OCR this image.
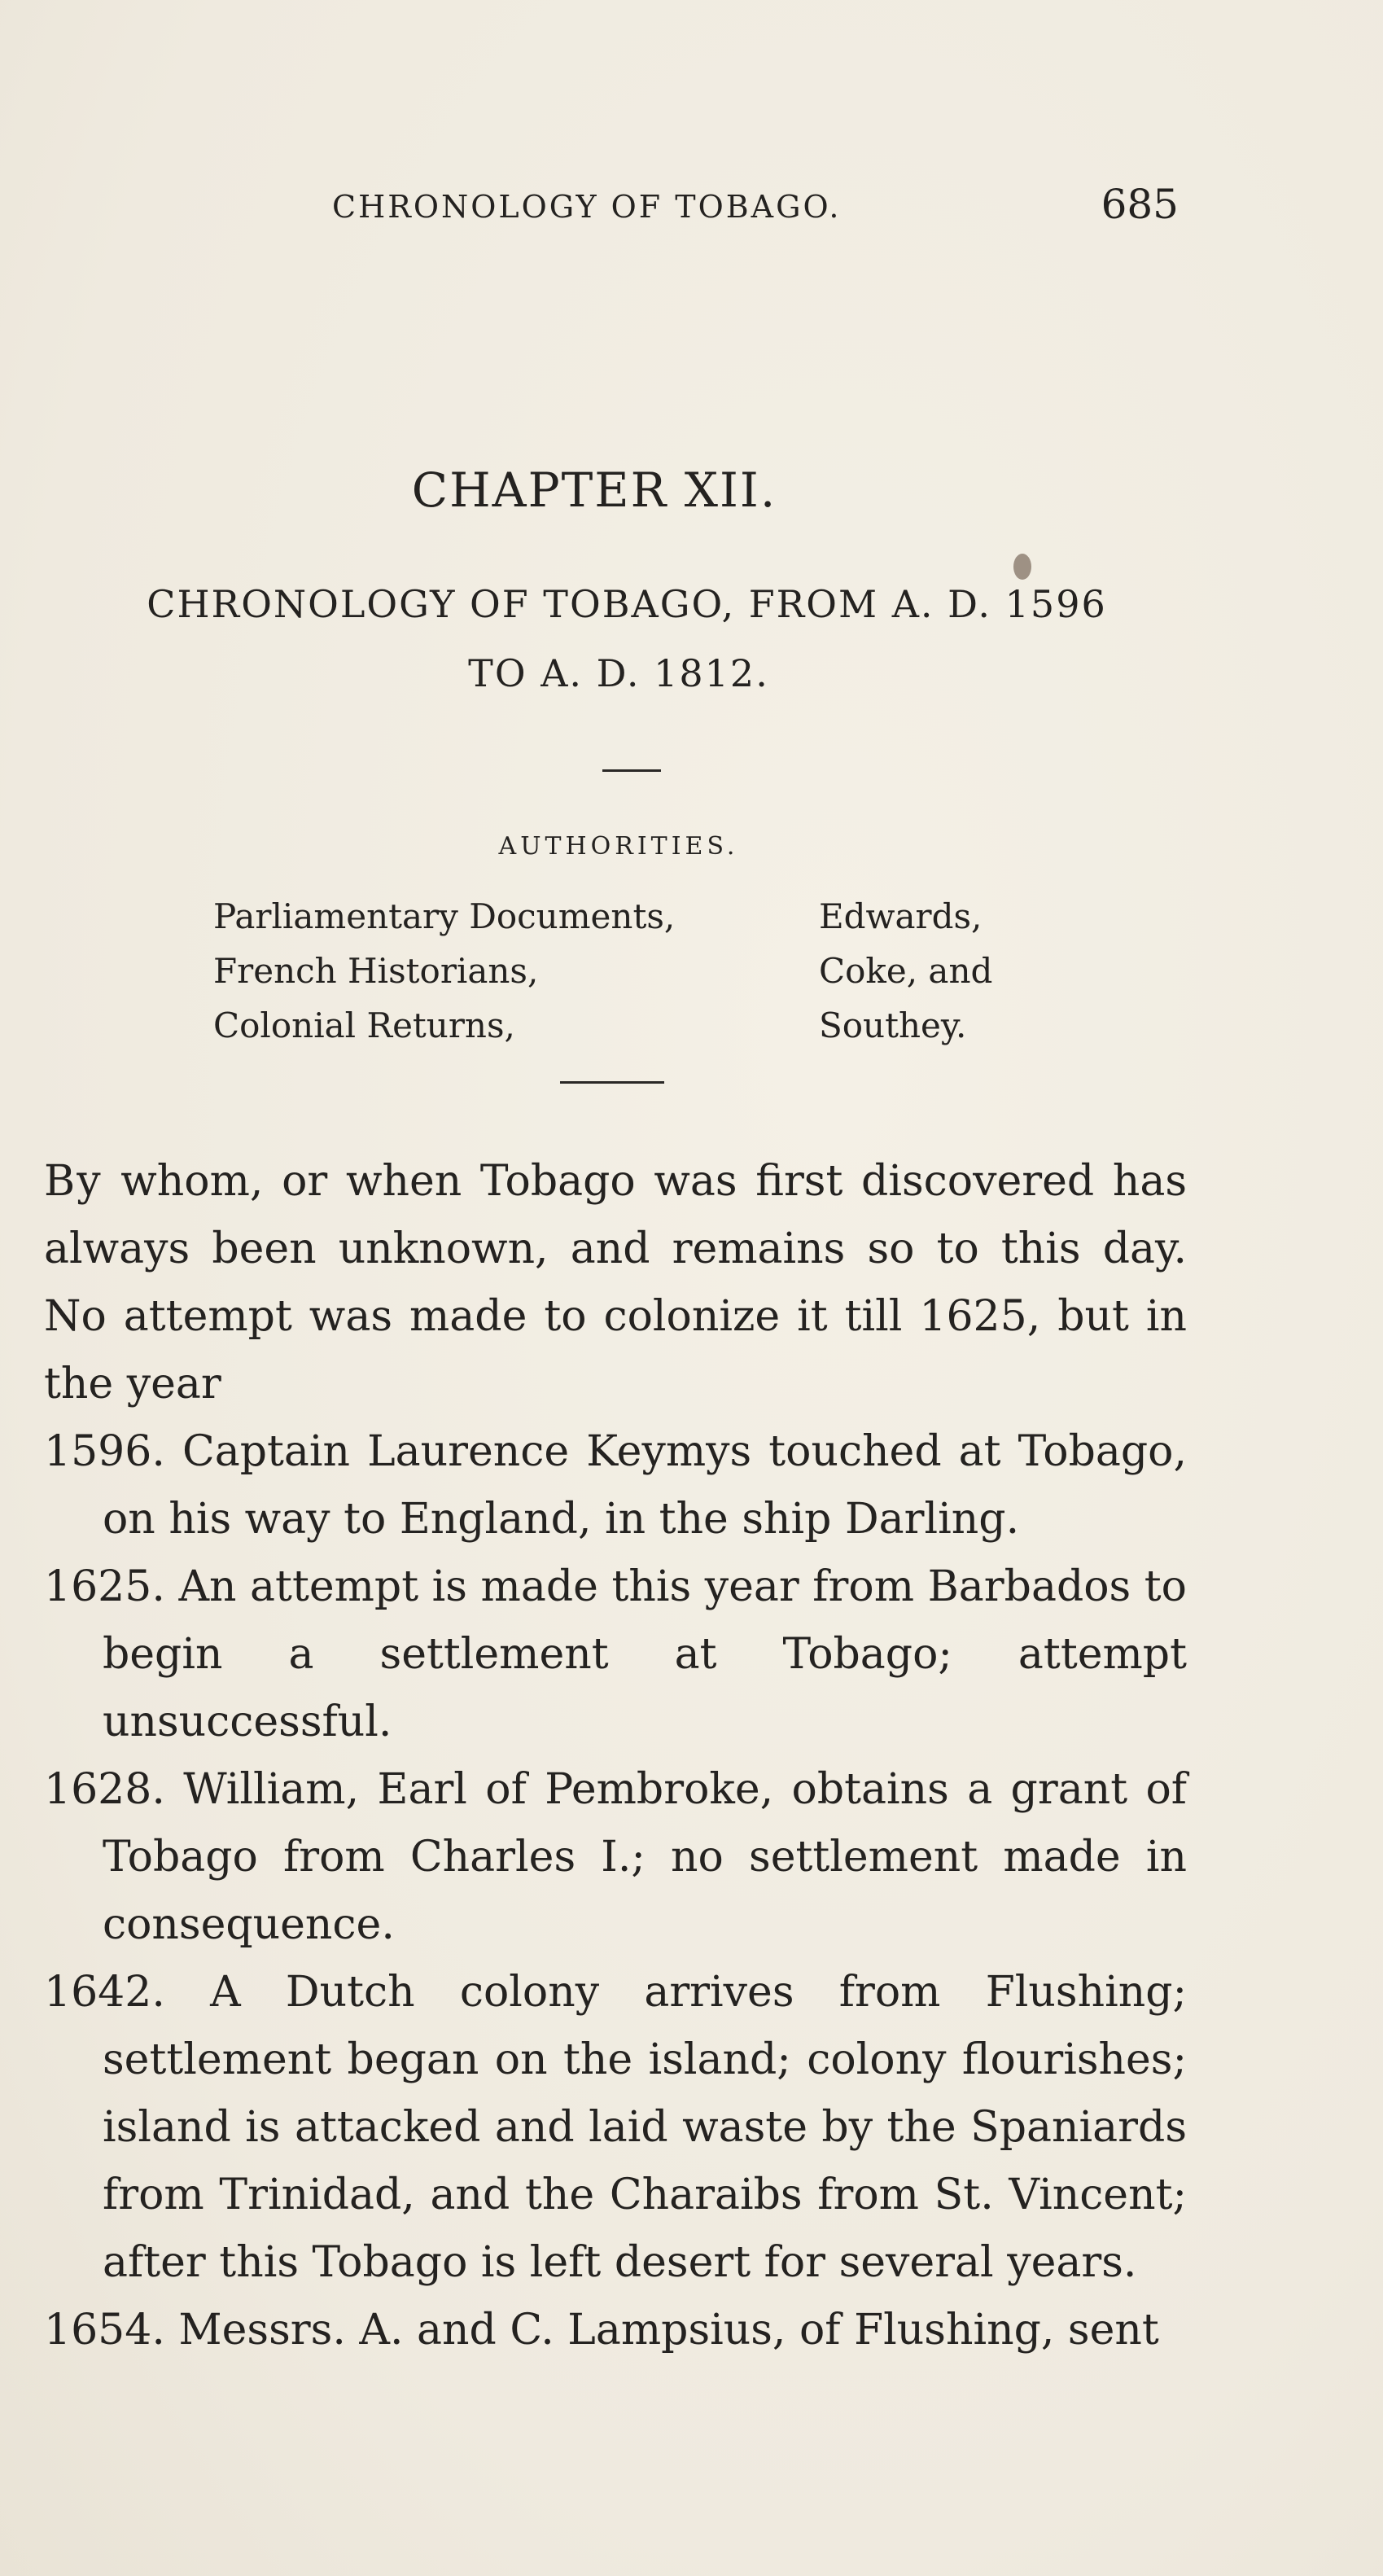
CHRONOLOGY OF TOBAGO.	685
CHAPTER XII.
CHRONOLOGY OF TOBAGO, FROM A. D. 1596
TO A. D. 1812.
AUTHORITIES.
Parliamentary Documents,	Edwards,
French Historians,	Coke, and
Colonial Returns,	Southey.

By whom, or when Tobago was first discovered has always been unknown, and remains so to this day. No attempt was made to colonize it till 1625, but in the year

1596. Captain Laurence Keymys touched at Tobago, on his way to England, in the ship Darling.

1625. An attempt is made this year from Barbados to begin a settlement at Tobago; attempt unsuccessful.

1628. William, Earl of Pembroke, obtains a grant of Tobago from Charles I.; no settlement made in consequence.

1642. A Dutch colony arrives from Flushing; settlement began on the island; colony flourishes; island is attacked and laid waste by the Spaniards from Trinidad, and the Charaibs from St. Vincent; after this Tobago is left desert for several years.

1654. Messrs. A. and C. Lampsius, of Flushing, sent
